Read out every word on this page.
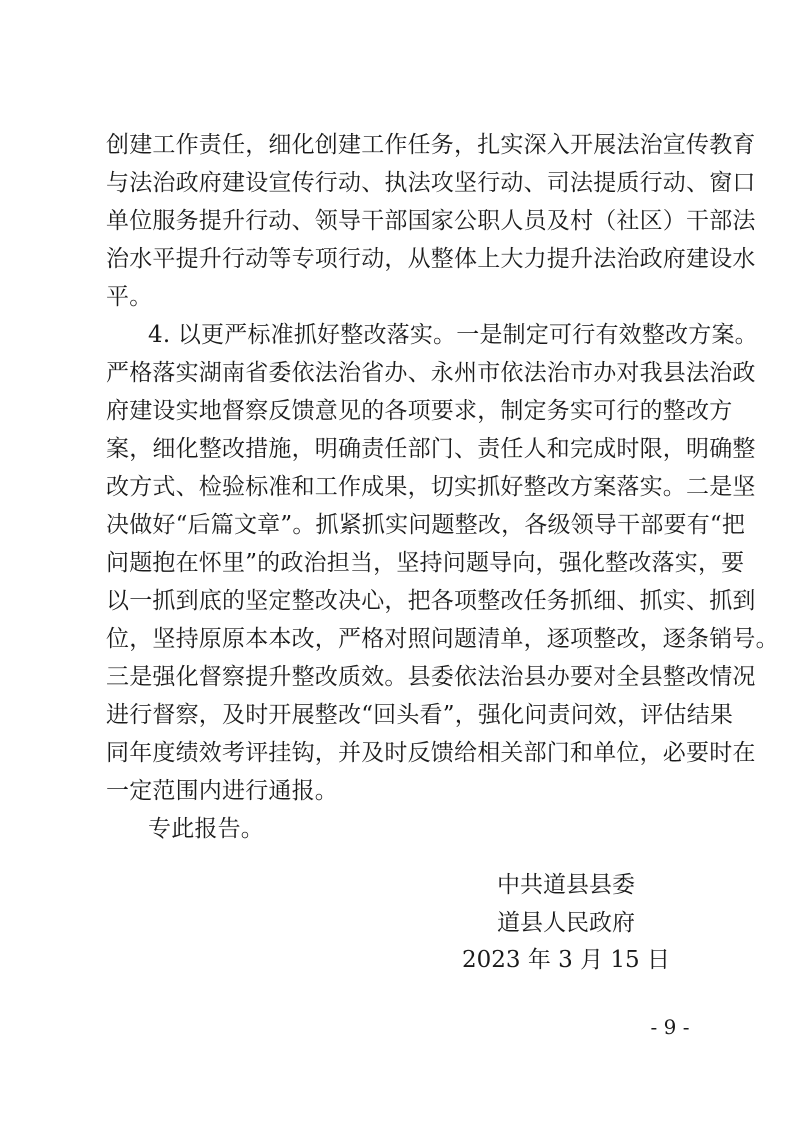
创建工作责任，细化创建工作任务，扎实深入开展法治宣传教育
与法治政府建设宣传行动、执法攻坚行动、司法提质行动、窗口
单位服务提升行动、领导干部国家公职人员及村（社区）干部法
治水平提升行动等专项行动，从整体上大力提升法治政府建设水
平。
4. 以更严标准抓好整改落实。一是制定可行有效整改方案。
严格落实湖南省委依法治省办、永州市依法治市办对我县法治政
府建设实地督察反馈意见的各项要求，制定务实可行的整改方
案，细化整改措施，明确责任部门、责任人和完成时限，明确整
改方式、检验标准和工作成果，切实抓好整改方案落实。二是坚
决做好“后篇文章”。抓紧抓实问题整改，各级领导干部要有“把
问题抱在怀里”的政治担当，坚持问题导向，强化整改落实，要
以一抓到底的坚定整改决心，把各项整改任务抓细、抓实、抓到
位，坚持原原本本改，严格对照问题清单，逐项整改，逐条销号。
三是强化督察提升整改质效。县委依法治县办要对全县整改情况
进行督察，及时开展整改“回头看”，强化问责问效，评估结果
同年度绩效考评挂钩，并及时反馈给相关部门和单位，必要时在
一定范围内进行通报。
专此报告。
中共道县县委
道县人民政府
2023 年 3 月 15 日
- 9 -
